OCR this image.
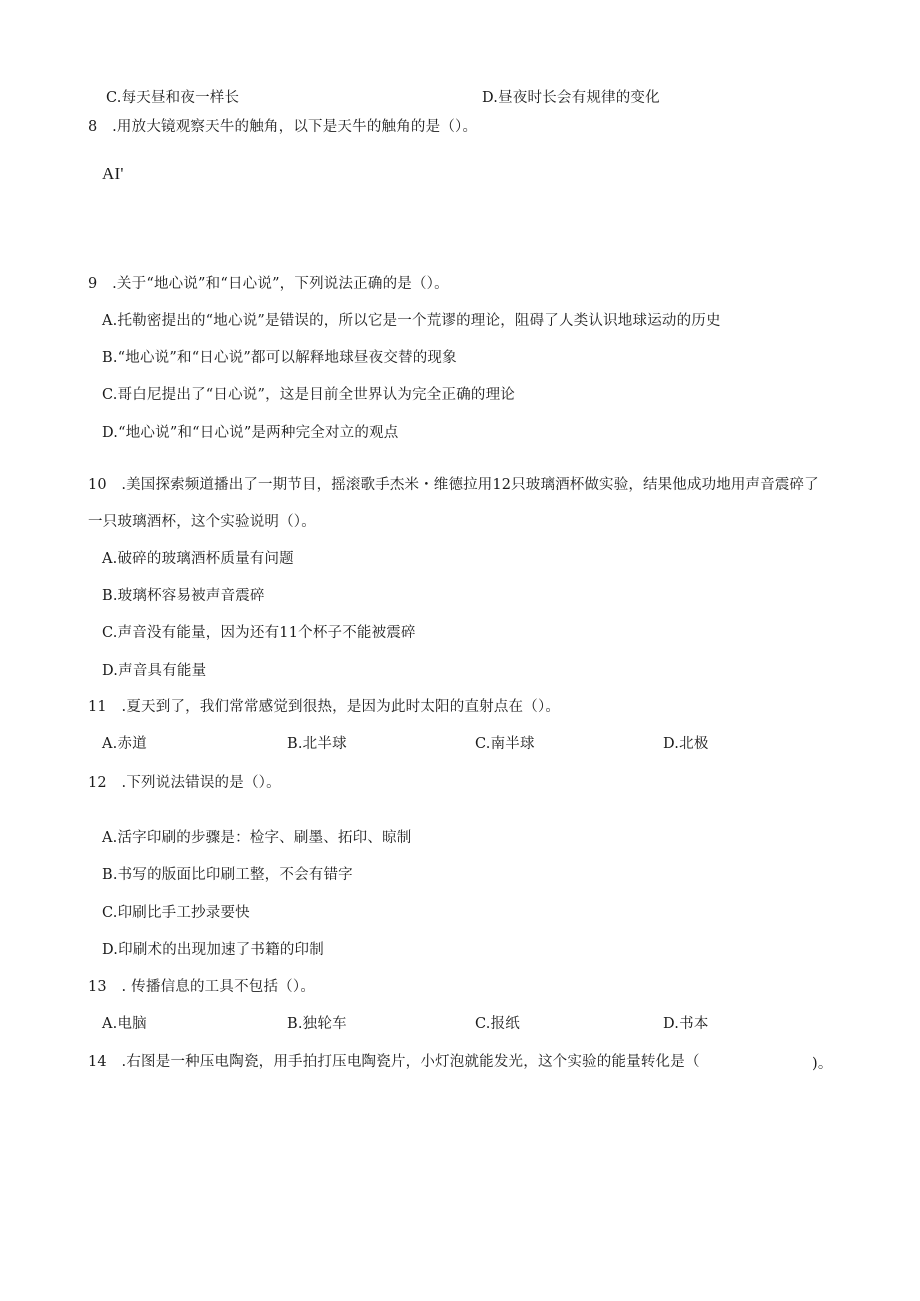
C.每天昼和夜一样长	D.昼夜时长会有规律的变化
8　.用放大镜观察天牛的触角，以下是天牛的触角的是（）。
AI'
9　.关于“地心说”和“日心说”，下列说法正确的是（）。
A.托勒密提出的“地心说”是错误的，所以它是一个荒谬的理论，阻碍了人类认识地球运动的历史
B.“地心说”和“日心说”都可以解释地球昼夜交替的现象
C.哥白尼提出了“日心说”，这是目前全世界认为完全正确的理论
D.“地心说”和“日心说”是两种完全对立的观点
10　.美国探索频道播出了一期节目，摇滚歌手杰米・维德拉用12只玻璃酒杯做实验，结果他成功地用声音震碎了
一只玻璃酒杯，这个实验说明（）。
A.破碎的玻璃酒杯质量有问题
B.玻璃杯容易被声音震碎
C.声音没有能量，因为还有11个杯子不能被震碎
D.声音具有能量
11　.夏天到了，我们常常感觉到很热，是因为此时太阳的直射点在（）。
A.赤道	B.北半球	C.南半球	D.北极
12　.下列说法错误的是（）。
A.活字印刷的步骤是：检字、刷墨、拓印、晾制
B.书写的版面比印刷工整，不会有错字
C.印刷比手工抄录要快
D.印刷术的出现加速了书籍的印制
13　. 传播信息的工具不包括（）。
A.电脑	B.独轮车	C.报纸	D.书本
14　.右图是一种压电陶瓷，用手拍打压电陶瓷片，小灯泡就能发光，这个实验的能量转化是（	)。
